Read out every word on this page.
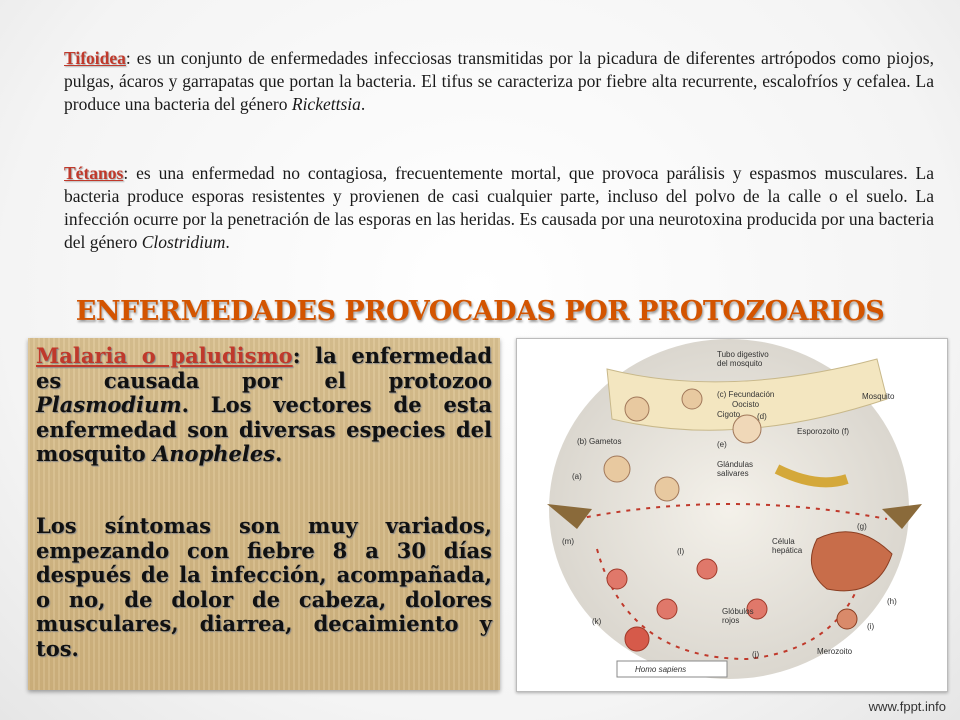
Tifoidea: es un conjunto de enfermedades infecciosas transmitidas por la picadura de diferentes artrópodos como piojos, pulgas, ácaros y garrapatas que portan la bacteria. El tifus se caracteriza por fiebre alta recurrente, escalofríos y cefalea. La produce una bacteria del género Rickettsia.
Tétanos: es una enfermedad no contagiosa, frecuentemente mortal, que provoca parálisis y espasmos musculares. La bacteria produce esporas resistentes y provienen de casi cualquier parte, incluso del polvo de la calle o el suelo. La infección ocurre por la penetración de las esporas en las heridas. Es causada por una neurotoxina producida por una bacteria del género Clostridium.
ENFERMEDADES PROVOCADAS POR PROTOZOARIOS
Malaria o paludismo: la enfermedad es causada por el protozoo Plasmodium. Los vectores de esta enfermedad son diversas especies del mosquito Anopheles.
Los síntomas son muy variados, empezando con fiebre 8 a 30 días después de la infección, acompañada, o no, de dolor de cabeza, dolores musculares, diarrea, decaimiento y tos.
Tubo digestivo
del mosquito
(c) Fecundación
Oocisto
Cigoto (d)
Mosquito
(b) Gametos	(e)
Esporozoito (f)
Glándulas
salivares
(a)
(g)
(m)
(l)
Célula
hepática
(h)
(k)
Glóbulos
rojos
(i)
(j)	Merozoito
Homo sapiens
www.fppt.info
